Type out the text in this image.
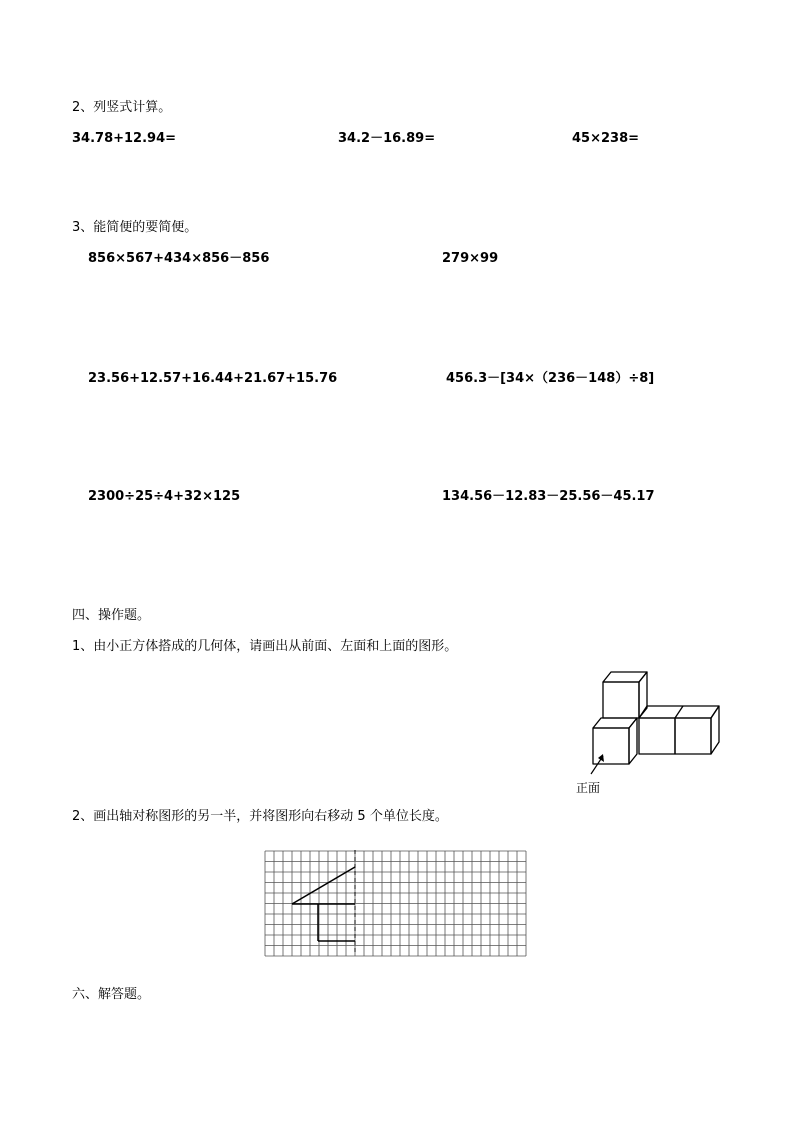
2、列竖式计算。
34.78+12.94=	34.2－16.89=	45×238=
3、能简便的要简便。
856×567+434×856－856	279×99
23.56+12.57+16.44+21.67+15.76	456.3－[34×（236－148）÷8]
2300÷25÷4+32×125	134.56－12.83－25.56－45.17
四、操作题。
1、由小正方体搭成的几何体，请画出从前面、左面和上面的图形。
正面
2、画出轴对称图形的另一半，并将图形向右移动 5 个单位长度。
六、解答题。
